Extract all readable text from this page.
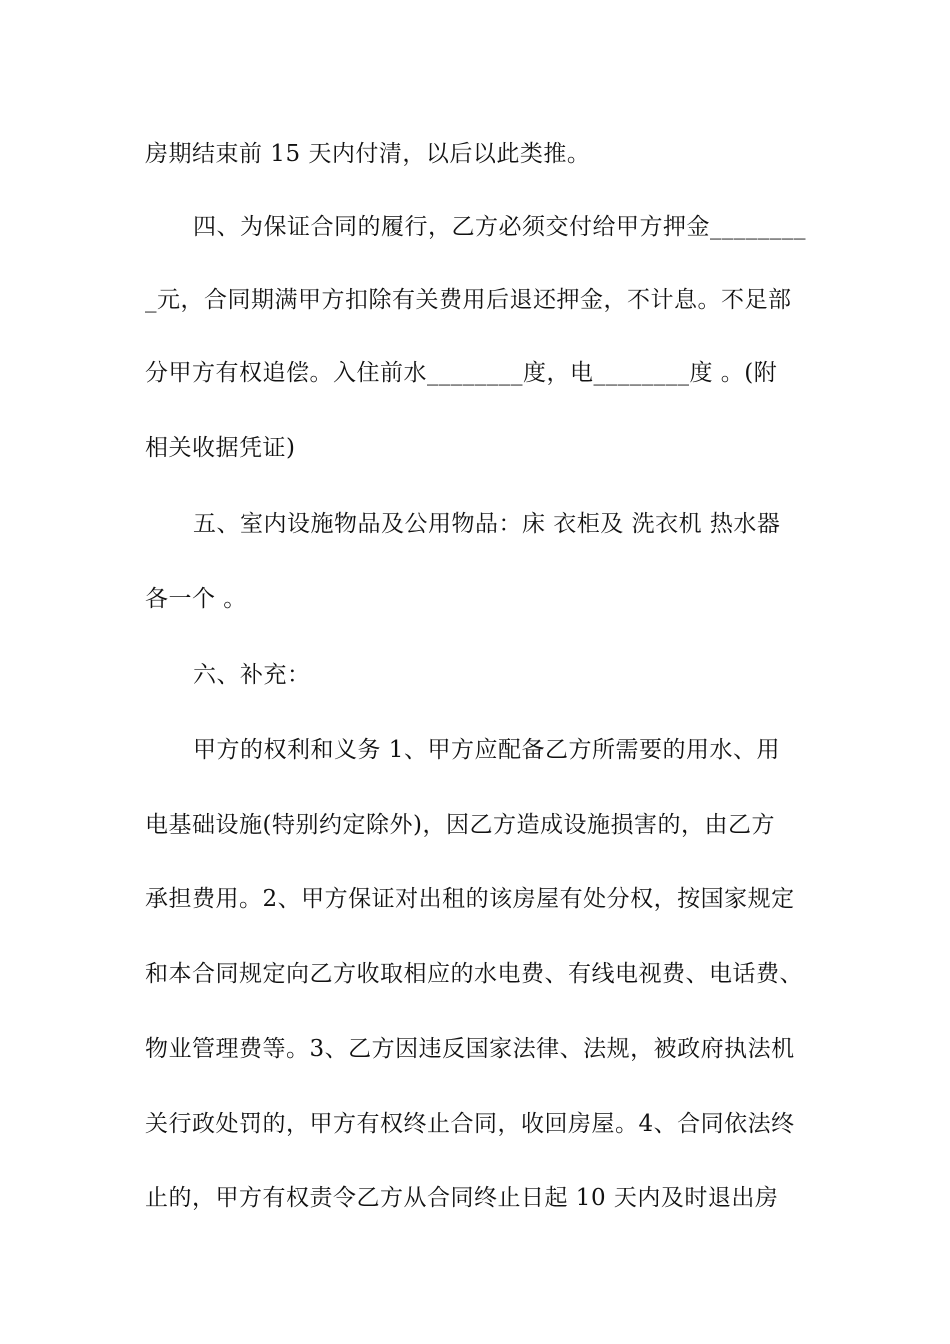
房期结束前 15 天内付清，以后以此类推。
四、为保证合同的履行，乙方必须交付给甲方押金________
_元，合同期满甲方扣除有关费用后退还押金，不计息。不足部
分甲方有权追偿。入住前水________度，电________度 。(附
相关收据凭证)
五、室内设施物品及公用物品：床 衣柜及 洗衣机 热水器
各一个 。
六、补充：
甲方的权利和义务 1、甲方应配备乙方所需要的用水、用
电基础设施(特别约定除外)，因乙方造成设施损害的，由乙方
承担费用。2、甲方保证对出租的该房屋有处分权，按国家规定
和本合同规定向乙方收取相应的水电费、有线电视费、电话费、
物业管理费等。3、乙方因违反国家法律、法规，被政府执法机
关行政处罚的，甲方有权终止合同，收回房屋。4、合同依法终
止的，甲方有权责令乙方从合同终止日起 10 天内及时退出房
